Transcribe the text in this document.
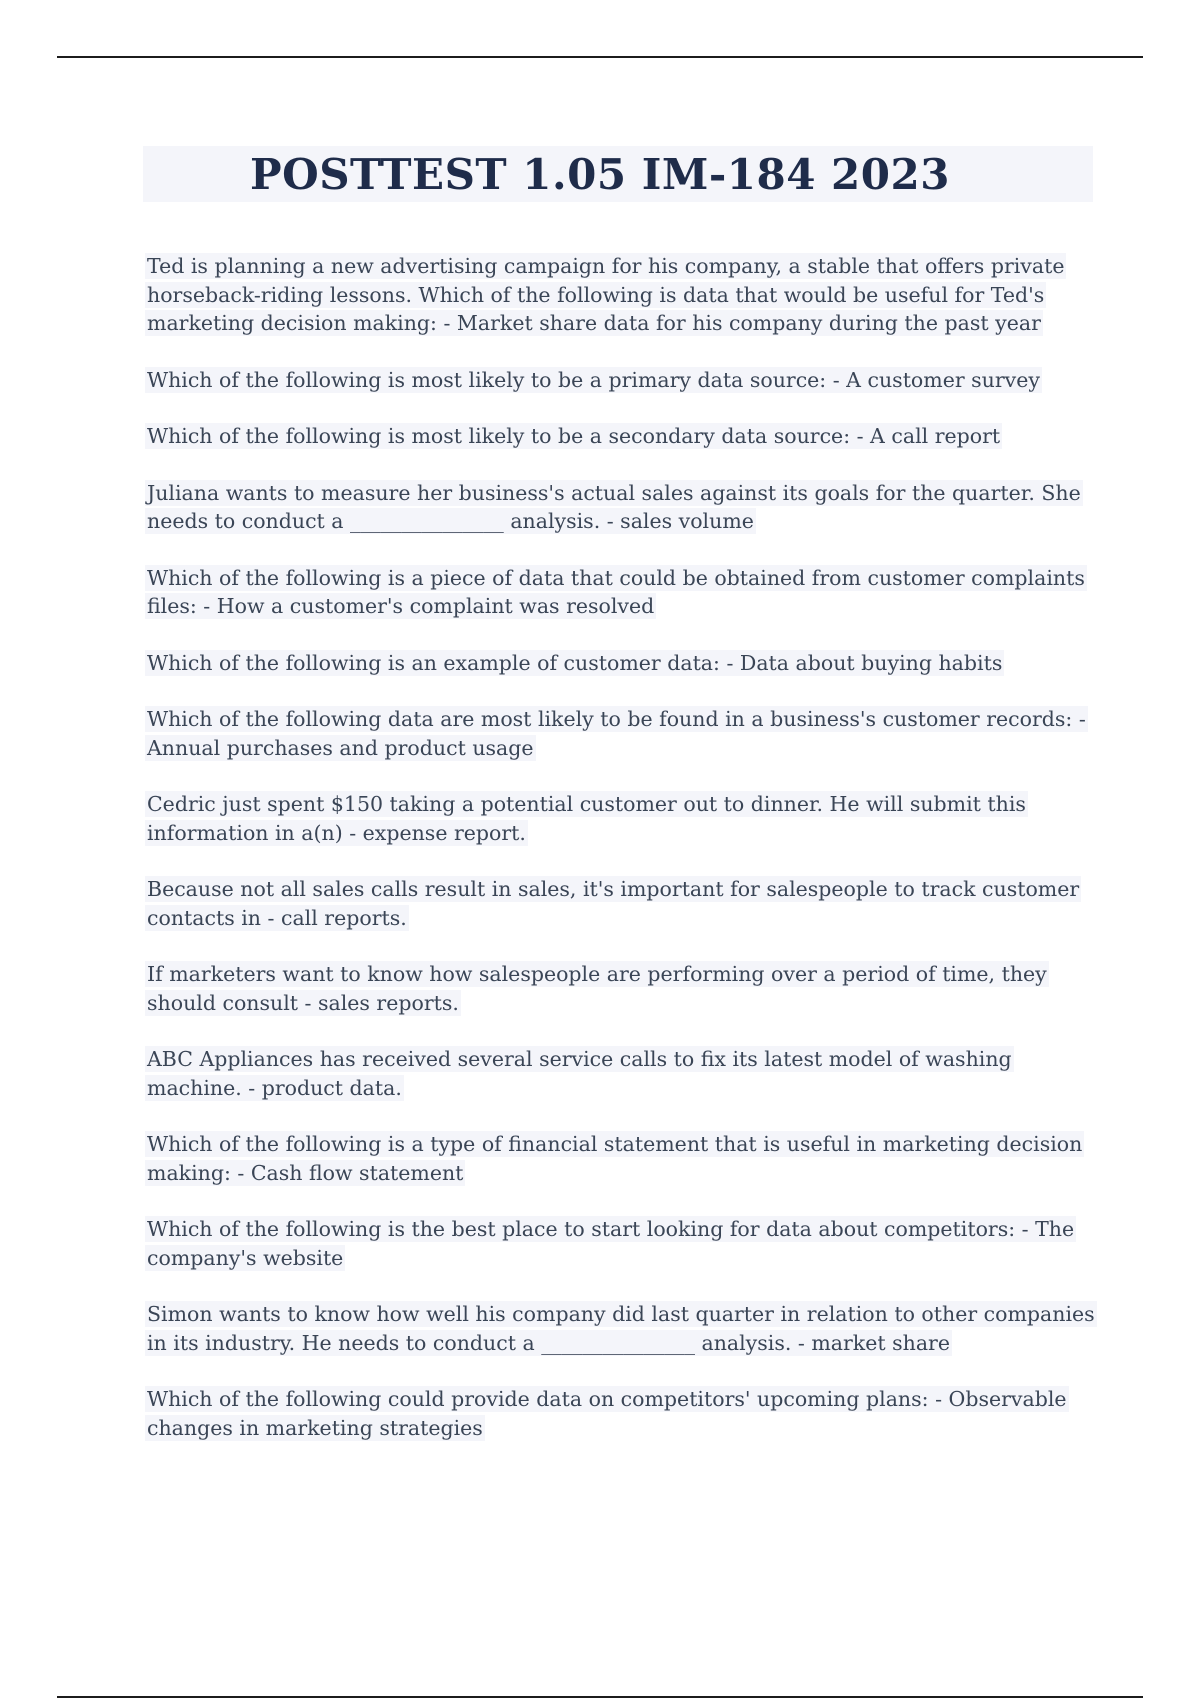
POSTTEST 1.05 IM-184 2023

Ted is planning a new advertising campaign for his company, a stable that offers private horseback-riding lessons. Which of the following is data that would be useful for Ted's marketing decision making: - Market share data for his company during the past year

Which of the following is most likely to be a primary data source: - A customer survey

Which of the following is most likely to be a secondary data source: - A call report

Juliana wants to measure her business's actual sales against its goals for the quarter. She needs to conduct a _______________ analysis. - sales volume

Which of the following is a piece of data that could be obtained from customer complaints files: - How a customer's complaint was resolved

Which of the following is an example of customer data: - Data about buying habits

Which of the following data are most likely to be found in a business's customer records: - Annual purchases and product usage

Cedric just spent $150 taking a potential customer out to dinner. He will submit this information in a(n) - expense report.

Because not all sales calls result in sales, it's important for salespeople to track customer contacts in - call reports.

If marketers want to know how salespeople are performing over a period of time, they should consult - sales reports.

ABC Appliances has received several service calls to fix its latest model of washing machine. - product data.

Which of the following is a type of financial statement that is useful in marketing decision making: - Cash flow statement

Which of the following is the best place to start looking for data about competitors: - The company's website

Simon wants to know how well his company did last quarter in relation to other companies in its industry. He needs to conduct a _______________ analysis. - market share

Which of the following could provide data on competitors' upcoming plans: - Observable changes in marketing strategies
